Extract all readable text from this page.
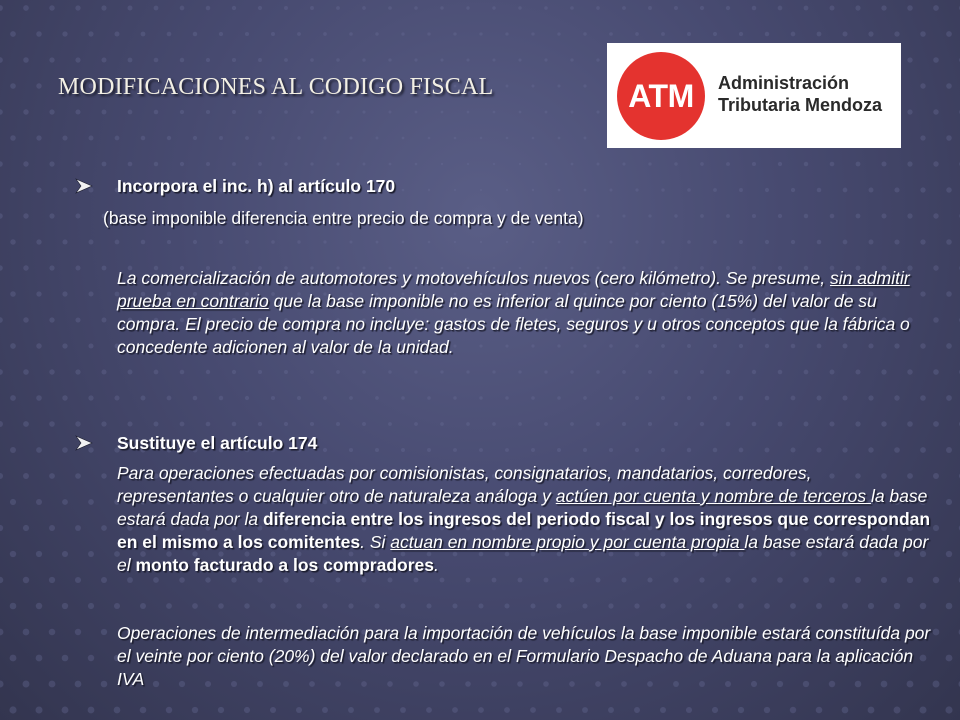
MODIFICACIONES AL CODIGO FISCAL	ATM Administración
Tributaria Mendoza
Incorpora el inc. h) al artículo 170
(base imponible diferencia entre precio de compra y de venta)
La comercialización de automotores y motovehículos nuevos (cero kilómetro). Se presume, sin admitir prueba en contrario que la base imponible no es inferior al quince por ciento (15%) del valor de su compra. El precio de compra no incluye: gastos de fletes, seguros y u otros conceptos que la fábrica o concedente adicionen al valor de la unidad.
Sustituye el artículo 174
Para operaciones efectuadas por comisionistas, consignatarios, mandatarios, corredores, representantes o cualquier otro de naturaleza análoga y actúen por cuenta y nombre de terceros la base estará dada por la diferencia entre los ingresos del periodo fiscal y los ingresos que correspondan en el mismo a los comitentes. Si actuan en nombre propio y por cuenta propia la base estará dada por el monto facturado a los compradores.
Operaciones de intermediación para la importación de vehículos la base imponible estará constituída por el veinte por ciento (20%) del valor declarado en el Formulario Despacho de Aduana para la aplicación IVA
